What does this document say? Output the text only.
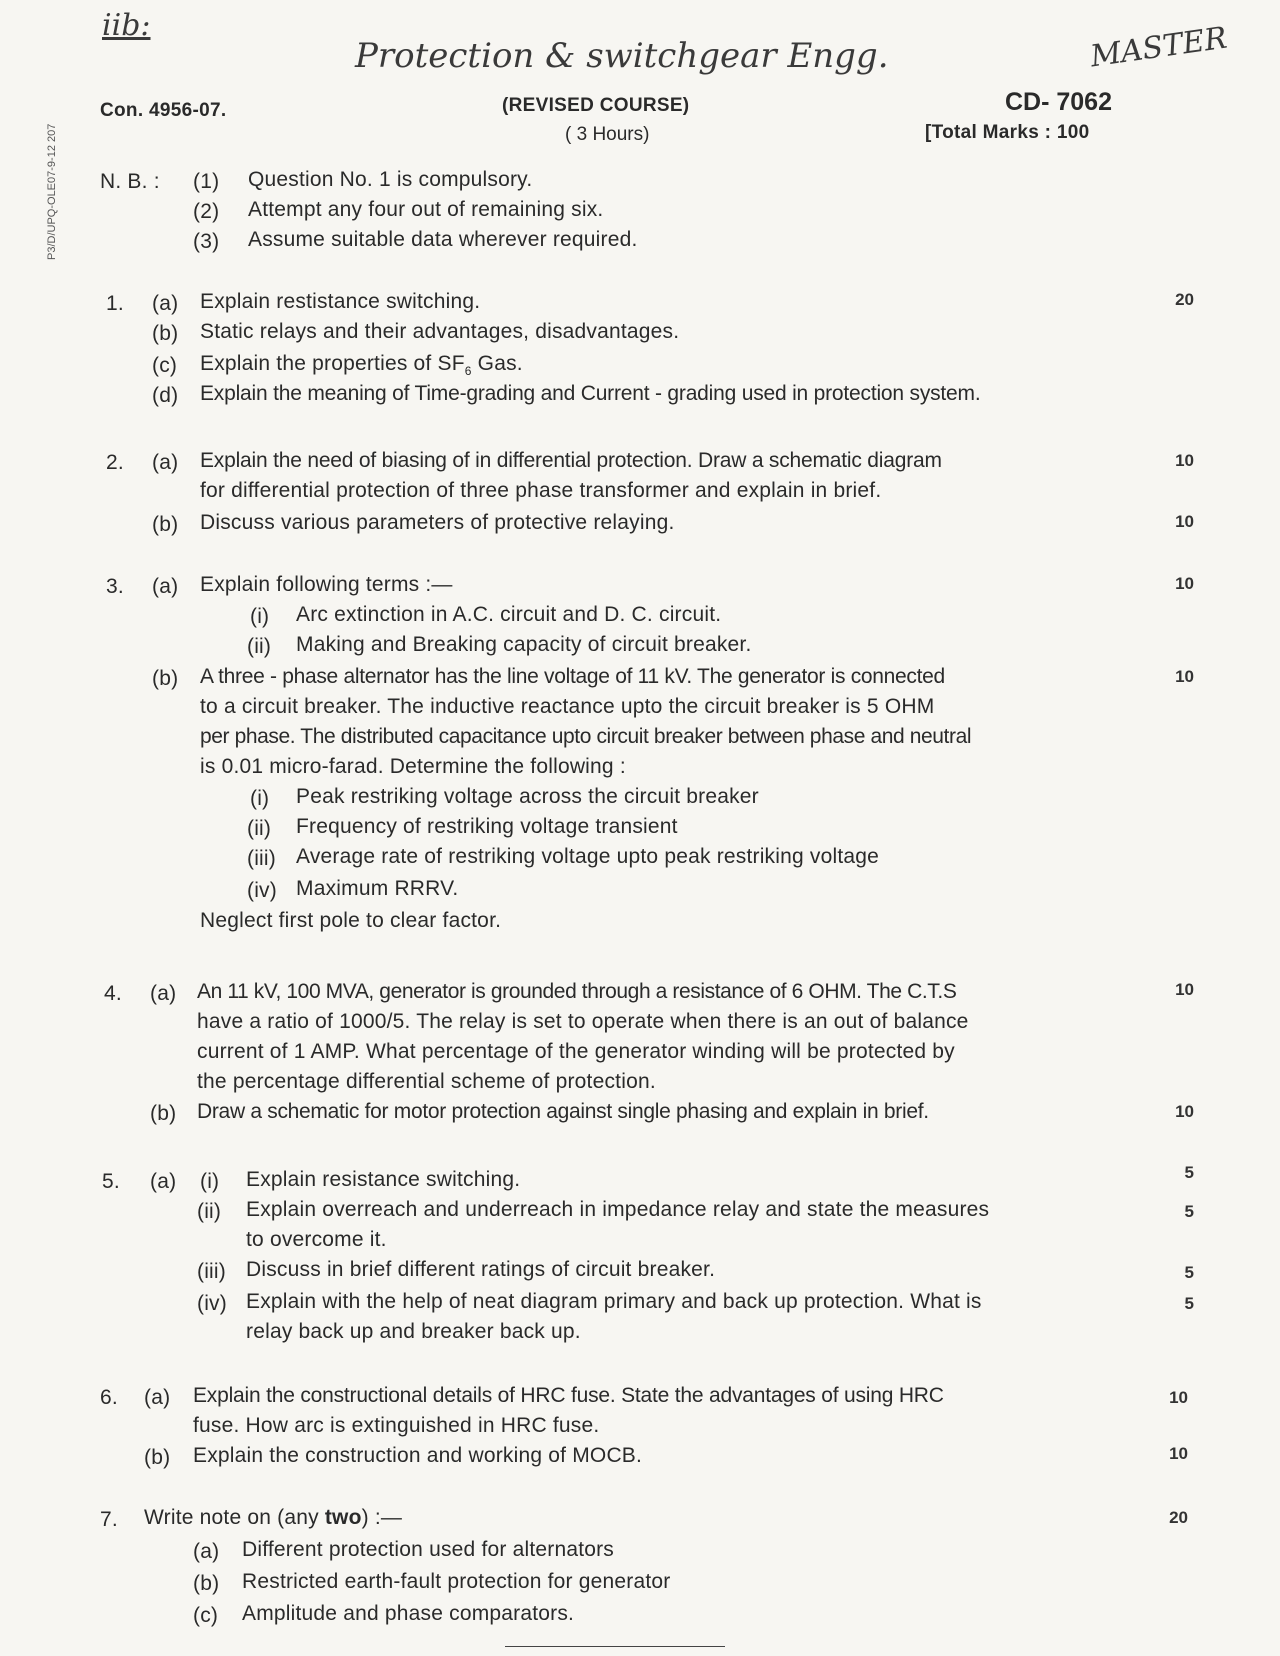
iib:
Protection & switchgear Engg.	MASTER
P3/D/UPQ-OLE07-9-12 207
Con. 4956-07.	(REVISED COURSE)
( 3 Hours)
CD- 7062
[Total Marks : 100
N. B. : (1) Question No. 1 is compulsory.
(2) Attempt any four out of remaining six.
(3) Assume suitable data wherever required.
1.	20
(a) Explain restistance switching.
(b) Static relays and their advantages, disadvantages.
(c) Explain the properties of $SF_6$ Gas.
(d) Explain the meaning of Time-grading and Current - grading used in protection system.
2. (a) Explain the need of biasing of in differential protection. Draw a schematic diagram
for differential protection of three phase transformer and explain in brief.
10
(b) Discuss various parameters of protective relaying.	10
3. (a) Explain following terms :—	10
(i) Arc extinction in A.C. circuit and D. C. circuit.
(ii) Making and Breaking capacity of circuit breaker.
(b)	10
A three - phase alternator has the line voltage of 11 kV. The generator is connected
to a circuit breaker. The inductive reactance upto the circuit breaker is 5 OHM
per phase. The distributed capacitance upto circuit breaker between phase and neutral
is 0.01 micro-farad. Determine the following :
(i) Peak restriking voltage across the circuit breaker
(ii) Frequency of restriking voltage transient
(iii) Average rate of restriking voltage upto peak restriking voltage
(iv) Maximum RRRV.
Neglect first pole to clear factor.
4. (a)	10
An 11 kV, 100 MVA, generator is grounded through a resistance of 6 OHM. The C.T.S
have a ratio of 1000/5. The relay is set to operate when there is an out of balance
current of 1 AMP. What percentage of the generator winding will be protected by
the percentage differential scheme of protection.
(b) Draw a schematic for motor protection against single phasing and explain in brief.	10
5. (a) (i) Explain resistance switching.	5
(ii) Explain overreach and underreach in impedance relay and state the measures
to overcome it.
5
(iii) Discuss in brief different ratings of circuit breaker.	5
(iv) Explain with the help of neat diagram primary and back up protection. What is
relay back up and breaker back up.
5
6. (a) Explain the constructional details of HRC fuse. State the advantages of using HRC
fuse. How arc is extinguished in HRC fuse.
10
(b) Explain the construction and working of MOCB.	10
7. Write note on (any two) :—	20
(a) Different protection used for alternators
(b) Restricted earth-fault protection for generator
(c) Amplitude and phase comparators.
